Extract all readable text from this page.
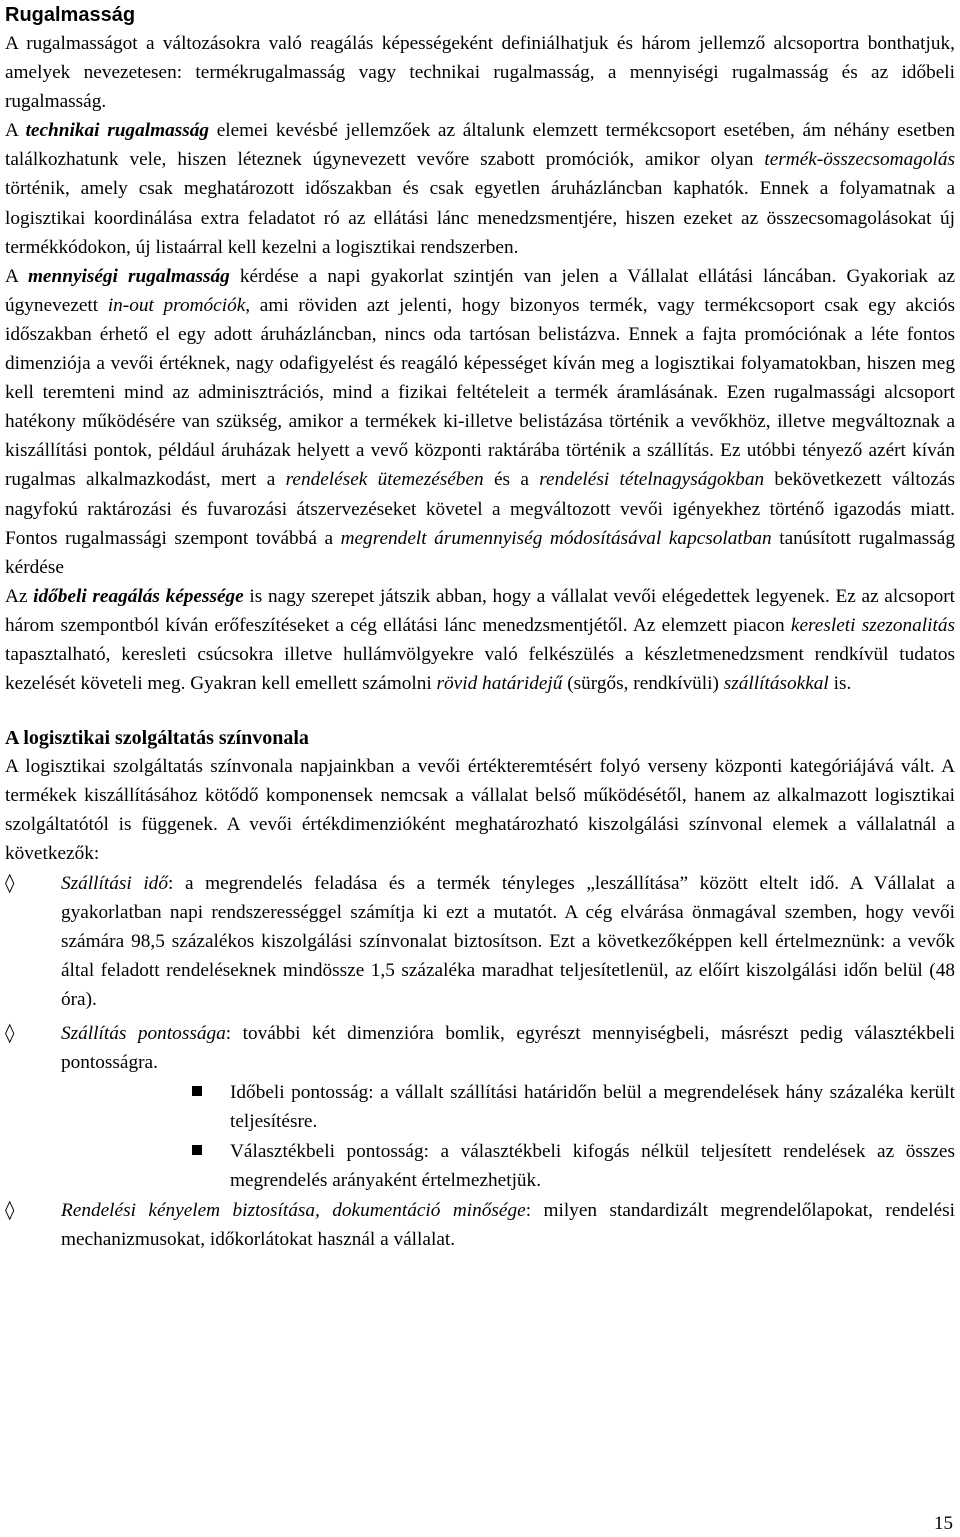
Rugalmasság

A rugalmasságot a változásokra való reagálás képességeként definiálhatjuk és három jellemző alcsoportra bonthatjuk, amelyek nevezetesen: termékrugalmasság vagy technikai rugalmasság, a mennyiségi rugalmasság és az időbeli rugalmasság.

A technikai rugalmasság elemei kevésbé jellemzőek az általunk elemzett termékcsoport esetében, ám néhány esetben találkozhatunk vele, hiszen léteznek úgynevezett vevőre szabott promóciók, amikor olyan termék-összecsomagolás történik, amely csak meghatározott időszakban és csak egyetlen áruházláncban kaphatók. Ennek a folyamatnak a logisztikai koordinálása extra feladatot ró az ellátási lánc menedzsmentjére, hiszen ezeket az összecsomagolásokat új termékkódokon, új listaárral kell kezelni a logisztikai rendszerben.

A mennyiségi rugalmasság kérdése a napi gyakorlat szintjén van jelen a Vállalat ellátási láncában. Gyakoriak az úgynevezett in-out promóciók, ami röviden azt jelenti, hogy bizonyos termék, vagy termékcsoport csak egy akciós időszakban érhető el egy adott áruházláncban, nincs oda tartósan belistázva. Ennek a fajta promóciónak a léte fontos dimenziója a vevői értéknek, nagy odafigyelést és reagáló képességet kíván meg a logisztikai folyamatokban, hiszen meg kell teremteni mind az adminisztrációs, mind a fizikai feltételeit a termék áramlásának. Ezen rugalmassági alcsoport hatékony működésére van szükség, amikor a termékek ki-illetve belistázása történik a vevőkhöz, illetve megváltoznak a kiszállítási pontok, például áruházak helyett a vevő központi raktárába történik a szállítás. Ez utóbbi tényező azért kíván rugalmas alkalmazkodást, mert a rendelések ütemezésében és a rendelési tételnagyságokban bekövetkezett változás nagyfokú raktározási és fuvarozási átszervezéseket követel a megváltozott vevői igényekhez történő igazodás miatt. Fontos rugalmassági szempont továbbá a megrendelt árumennyiség módosításával kapcsolatban tanúsított rugalmasság kérdése

Az időbeli reagálás képessége is nagy szerepet játszik abban, hogy a vállalat vevői elégedettek legyenek. Ez az alcsoport három szempontból kíván erőfeszítéseket a cég ellátási lánc menedzsmentjétől. Az elemzett piacon keresleti szezonalitás tapasztalható, keresleti csúcsokra illetve hullámvölgyekre való felkészülés a készletmenedzsment rendkívül tudatos kezelését követeli meg. Gyakran kell emellett számolni rövid határidejű (sürgős, rendkívüli) szállításokkal is.

A logisztikai szolgáltatás színvonala

A logisztikai szolgáltatás színvonala napjainkban a vevői értékteremtésért folyó verseny központi kategóriájává vált. A termékek kiszállításához kötődő komponensek nemcsak a vállalat belső működésétől, hanem az alkalmazott logisztikai szolgáltatótól is függenek. A vevői értékdimenzióként meghatározható kiszolgálási színvonal elemek a vállalatnál a következők:

◊ Szállítási idő: a megrendelés feladása és a termék tényleges „leszállítása” között eltelt idő. A Vállalat a gyakorlatban napi rendszerességgel számítja ki ezt a mutatót. A cég elvárása önmagával szemben, hogy vevői számára 98,5 százalékos kiszolgálási színvonalat biztosítson. Ezt a következőképpen kell értelmeznünk: a vevők által feladott rendeléseknek mindössze 1,5 százaléka maradhat teljesítetlenül, az előírt kiszolgálási időn belül (48 óra).

◊ Szállítás pontossága: további két dimenzióra bomlik, egyrészt mennyiségbeli, másrészt pedig választékbeli pontosságra.

Időbeli pontosság: a vállalt szállítási határidőn belül a megrendelések hány százaléka került teljesítésre.

Választékbeli pontosság: a választékbeli kifogás nélkül teljesített rendelések az összes megrendelés arányaként értelmezhetjük.

◊ Rendelési kényelem biztosítása, dokumentáció minősége: milyen standardizált megrendelőlapokat, rendelési mechanizmusokat, időkorlátokat használ a vállalat.

15
